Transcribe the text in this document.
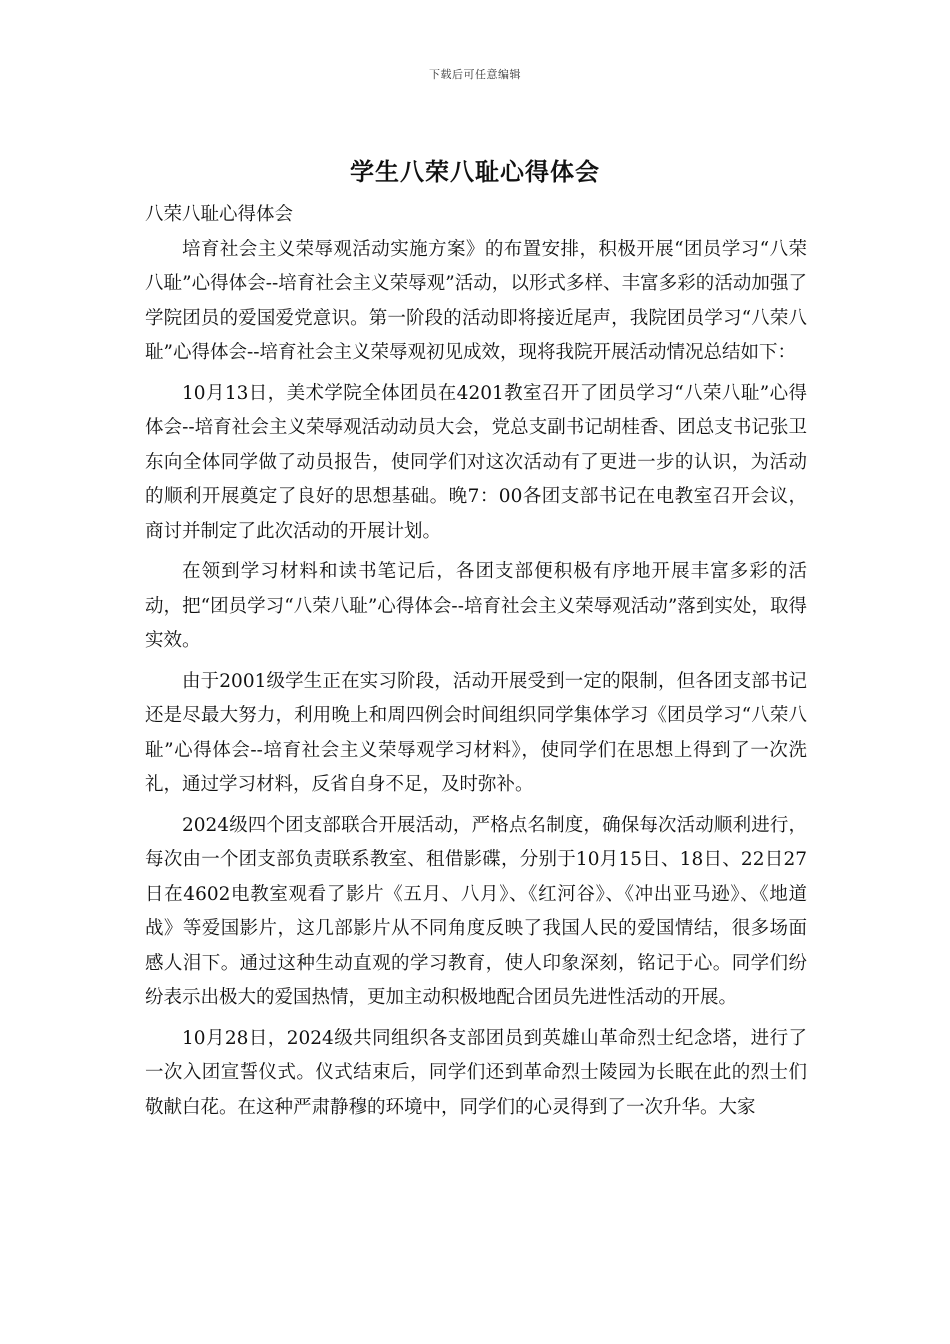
下载后可任意编辑
学生八荣八耻心得体会

八荣八耻心得体会

培育社会主义荣辱观活动实施方案》的布置安排，积极开展“团员学习“八荣八耻”心得体会--培育社会主义荣辱观”活动，以形式多样、丰富多彩的活动加强了学院团员的爱国爱党意识。第一阶段的活动即将接近尾声，我院团员学习“八荣八耻”心得体会--培育社会主义荣辱观初见成效，现将我院开展活动情况总结如下：

10月13日，美术学院全体团员在4201教室召开了团员学习“八荣八耻”心得体会--培育社会主义荣辱观活动动员大会，党总支副书记胡桂香、团总支书记张卫东向全体同学做了动员报告，使同学们对这次活动有了更进一步的认识，为活动的顺利开展奠定了良好的思想基础。晚7：00各团支部书记在电教室召开会议，商讨并制定了此次活动的开展计划。

在领到学习材料和读书笔记后，各团支部便积极有序地开展丰富多彩的活动，把“团员学习“八荣八耻”心得体会--培育社会主义荣辱观活动”落到实处，取得实效。

由于2001级学生正在实习阶段，活动开展受到一定的限制，但各团支部书记还是尽最大努力，利用晚上和周四例会时间组织同学集体学习《团员学习“八荣八耻”心得体会--培育社会主义荣辱观学习材料》，使同学们在思想上得到了一次洗礼，通过学习材料，反省自身不足，及时弥补。

2024级四个团支部联合开展活动，严格点名制度，确保每次活动顺利进行，每次由一个团支部负责联系教室、租借影碟，分别于10月15日、18日、22日27日在4602电教室观看了影片《五月、八月》、《红河谷》、《冲出亚马逊》、《地道战》等爱国影片，这几部影片从不同角度反映了我国人民的爱国情结，很多场面感人泪下。通过这种生动直观的学习教育，使人印象深刻，铭记于心。同学们纷纷表示出极大的爱国热情，更加主动积极地配合团员先进性活动的开展。

10月28日，2024级共同组织各支部团员到英雄山革命烈士纪念塔，进行了一次入团宣誓仪式。仪式结束后，同学们还到革命烈士陵园为长眠在此的烈士们敬献白花。在这种严肃静穆的环境中，同学们的心灵得到了一次升华。大家
